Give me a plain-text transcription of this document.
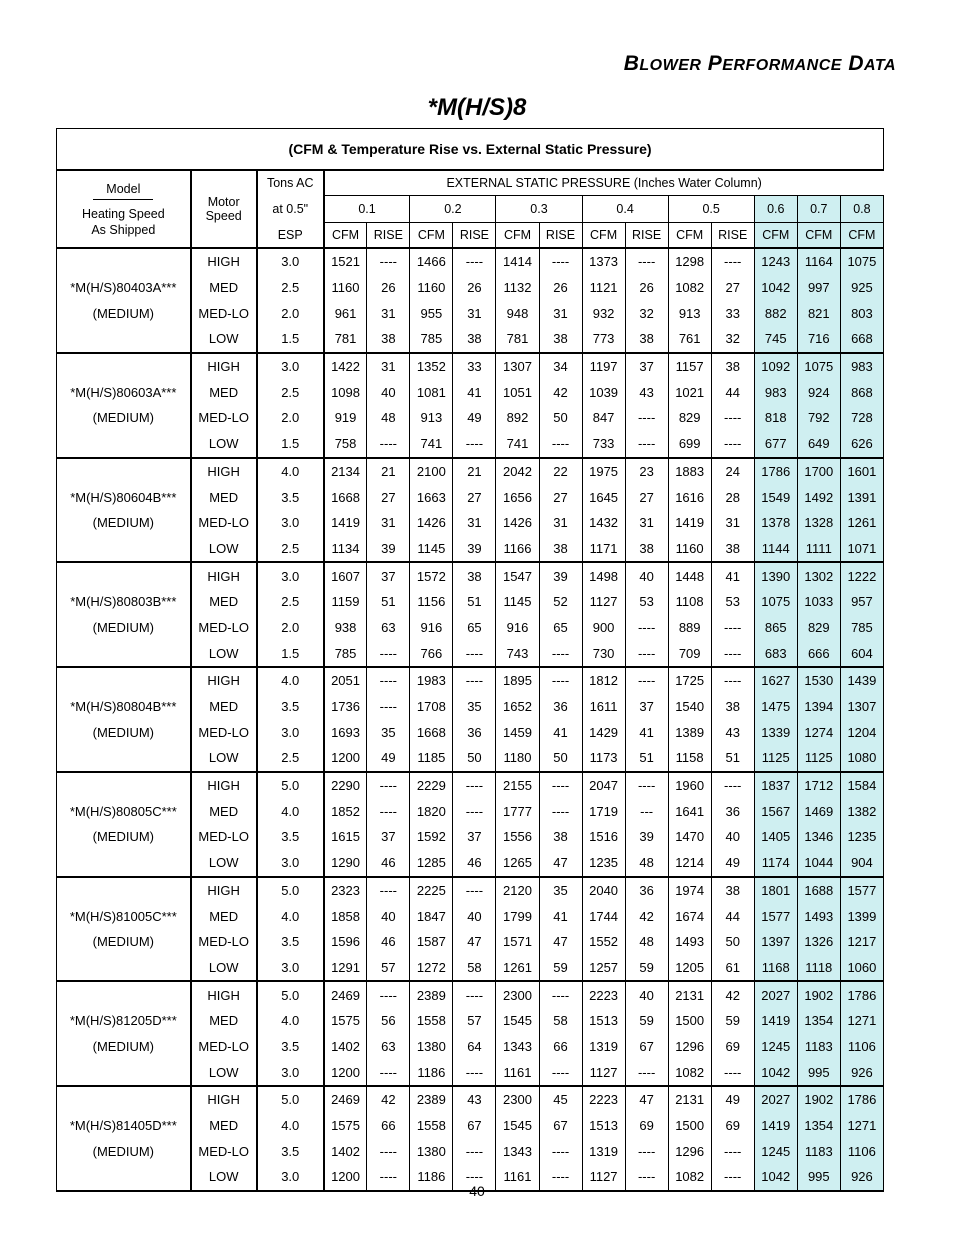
BLOWER PERFORMANCE DATA
*M(H/S)8
(CFM & Temperature Rise vs. External Static Pressure)															
Model
Heating Speed
As Shipped	Motor
Speed	Tons AC	EXTERNAL STATIC PRESSURE (Inches Water Column)												
		at 0.5"	0.1		0.2		0.3		0.4		0.5		0.6	0.7	0.8
		ESP	CFM	RISE	CFM	RISE	CFM	RISE	CFM	RISE	CFM	RISE	CFM	CFM	CFM
	HIGH	3.0	1521	----	1466	----	1414	----	1373	----	1298	----	1243	1164	1075
*M(H/S)80403A***	MED	2.5	1160	26	1160	26	1132	26	1121	26	1082	27	1042	997	925
(MEDIUM)	MED-LO	2.0	961	31	955	31	948	31	932	32	913	33	882	821	803
	LOW	1.5	781	38	785	38	781	38	773	38	761	32	745	716	668
	HIGH	3.0	1422	31	1352	33	1307	34	1197	37	1157	38	1092	1075	983
*M(H/S)80603A***	MED	2.5	1098	40	1081	41	1051	42	1039	43	1021	44	983	924	868
(MEDIUM)	MED-LO	2.0	919	48	913	49	892	50	847	----	829	----	818	792	728
	LOW	1.5	758	----	741	----	741	----	733	----	699	----	677	649	626
	HIGH	4.0	2134	21	2100	21	2042	22	1975	23	1883	24	1786	1700	1601
*M(H/S)80604B***	MED	3.5	1668	27	1663	27	1656	27	1645	27	1616	28	1549	1492	1391
(MEDIUM)	MED-LO	3.0	1419	31	1426	31	1426	31	1432	31	1419	31	1378	1328	1261
	LOW	2.5	1134	39	1145	39	1166	38	1171	38	1160	38	1144	1111	1071
	HIGH	3.0	1607	37	1572	38	1547	39	1498	40	1448	41	1390	1302	1222
*M(H/S)80803B***	MED	2.5	1159	51	1156	51	1145	52	1127	53	1108	53	1075	1033	957
(MEDIUM)	MED-LO	2.0	938	63	916	65	916	65	900	----	889	----	865	829	785
	LOW	1.5	785	----	766	----	743	----	730	----	709	----	683	666	604
	HIGH	4.0	2051	----	1983	----	1895	----	1812	----	1725	----	1627	1530	1439
*M(H/S)80804B***	MED	3.5	1736	----	1708	35	1652	36	1611	37	1540	38	1475	1394	1307
(MEDIUM)	MED-LO	3.0	1693	35	1668	36	1459	41	1429	41	1389	43	1339	1274	1204
	LOW	2.5	1200	49	1185	50	1180	50	1173	51	1158	51	1125	1125	1080
	HIGH	5.0	2290	----	2229	----	2155	----	2047	----	1960	----	1837	1712	1584
*M(H/S)80805C***	MED	4.0	1852	----	1820	----	1777	----	1719	---	1641	36	1567	1469	1382
(MEDIUM)	MED-LO	3.5	1615	37	1592	37	1556	38	1516	39	1470	40	1405	1346	1235
	LOW	3.0	1290	46	1285	46	1265	47	1235	48	1214	49	1174	1044	904
	HIGH	5.0	2323	----	2225	----	2120	35	2040	36	1974	38	1801	1688	1577
*M(H/S)81005C***	MED	4.0	1858	40	1847	40	1799	41	1744	42	1674	44	1577	1493	1399
(MEDIUM)	MED-LO	3.5	1596	46	1587	47	1571	47	1552	48	1493	50	1397	1326	1217
	LOW	3.0	1291	57	1272	58	1261	59	1257	59	1205	61	1168	1118	1060
	HIGH	5.0	2469	----	2389	----	2300	----	2223	40	2131	42	2027	1902	1786
*M(H/S)81205D***	MED	4.0	1575	56	1558	57	1545	58	1513	59	1500	59	1419	1354	1271
(MEDIUM)	MED-LO	3.5	1402	63	1380	64	1343	66	1319	67	1296	69	1245	1183	1106
	LOW	3.0	1200	----	1186	----	1161	----	1127	----	1082	----	1042	995	926
	HIGH	5.0	2469	42	2389	43	2300	45	2223	47	2131	49	2027	1902	1786
*M(H/S)81405D***	MED	4.0	1575	66	1558	67	1545	67	1513	69	1500	69	1419	1354	1271
(MEDIUM)	MED-LO	3.5	1402	----	1380	----	1343	----	1319	----	1296	----	1245	1183	1106
	LOW	3.0	1200	----	1186	----	1161	----	1127	----	1082	----	1042	995	926
40
